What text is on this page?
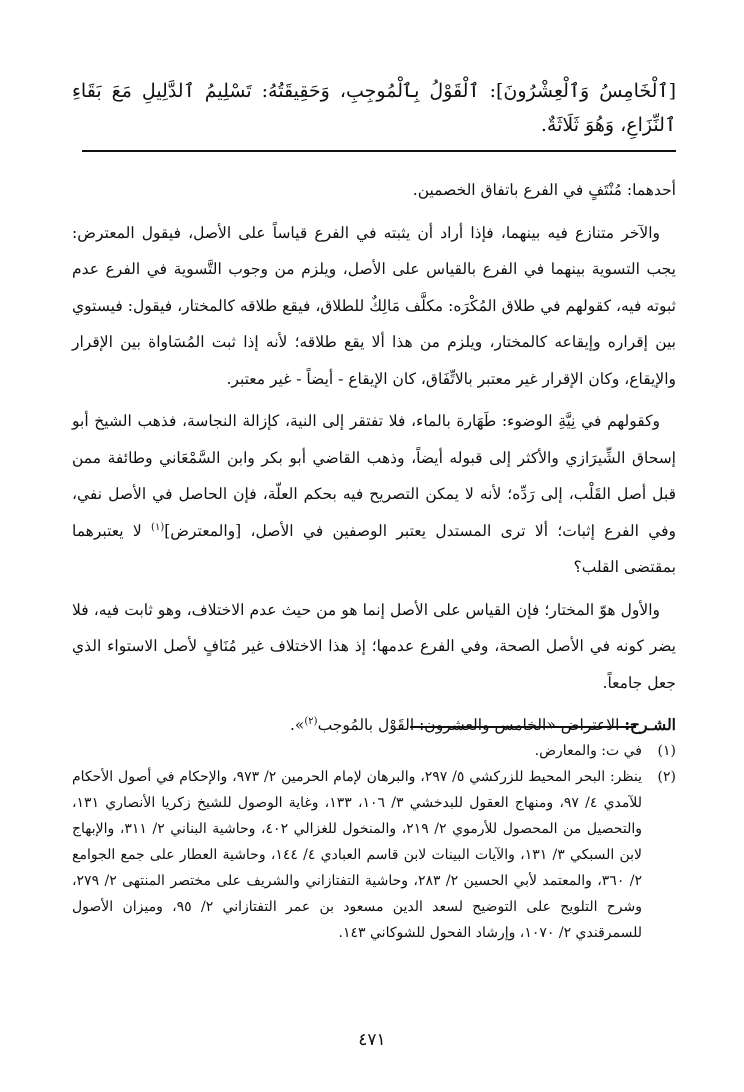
[ٱلْخَامِسُ وَٱلْعِشْرُونَ]: ٱلْقَوْلُ بِٱلْمُوجِبِ، وَحَقِيقَتُهُ: تَسْلِيمُ ٱلدَّلِيلِ مَعَ بَقَاءِ ٱلنِّزَاعِ، وَهُوَ ثَلَاثَةٌ.

أحدهما: مُنْتَفٍ في الفرع باتفاق الخصمين.

والآخر متنازع فيه بينهما، فإذا أراد أن يثبته في الفرع قياساً على الأصل، فيقول المعترض: يجب التسوية بينهما في الفرع بالقياس على الأصل، ويلزم من وجوب التَّسوية في الفرع عدم ثبوته فيه، كقولهم في طلاق المُكْرَه: مكلَّف مَالِكٌ للطلاق، فيقع طلاقه كالمختار، فيقول: فيستوي بين إقراره وإيقاعه كالمختار، ويلزم من هذا ألا يقع طلاقه؛ لأنه إذا ثبت المُسَاواة بين الإقرار والإيقاع، وكان الإقرار غير معتبر بالاتِّفَاق، كان الإيقاع - أيضاً - غير معتبر.

وكقولهم في نِيَّةِ الوضوء: طَهَارة بالماء، فلا تفتقر إلى النية، كإزالة النجاسة، فذهب الشيخ أبو إسحاق الشِّيرَازي والأكثر إلى قبوله أيضاً، وذهب القاضي أبو بكر وابن السَّمْعَاني وطائفة ممن قبل أصل القَلْب، إلى رَدِّه؛ لأنه لا يمكن التصريح فيه بحكم العلّة، فإن الحاصل في الأصل نفي، وفي الفرع إثبات؛ ألا ترى المستدل يعتبر الوصفين في الأصل، [والمعترض]$^{(١)}$ لا يعتبرهما بمقتضى القلب؟

والأول هوّ المختار؛ فإن القياس على الأصل إنما هو من حيث عدم الاختلاف، وهو ثابت فيه، فلا يضر كونه في الأصل الصحة، وفي الفرع عدمها؛ إذ هذا الاختلاف غير مُنَافٍ لأصل الاستواء الذي جعل جامعاً.

الشـرح: الاعتراض «الخامس والعشرون: القَوْل بالمُوجب$^{(٢)}$».

(١)
في ت: والمعارض.
(٢)
ينظر: البحر المحيط للزركشي ٥/ ٢٩٧، والبرهان لإمام الحرمين ٢/ ٩٧٣، والإحكام في أصول الأحكام للآمدي ٤/ ٩٧، ومنهاج العقول للبدخشي ٣/ ١٠٦، ١٣٣، وغاية الوصول للشيخ زكريا الأنصاري ١٣١، والتحصيل من المحصول للأرموي ٢/ ٢١٩، والمنخول للغزالي ٤٠٢، وحاشية البناني ٢/ ٣١١، والإبهاج لابن السبكي ٣/ ١٣١، والآيات البينات لابن قاسم العبادي ٤/ ١٤٤، وحاشية العطار على جمع الجوامع ٢/ ٣٦٠، والمعتمد لأبي الحسين ٢/ ٢٨٣، وحاشية التفتازاني والشريف على مختصر المنتهى ٢/ ٢٧٩، وشرح التلويح على التوضيح لسعد الدين مسعود بن عمر التفتازاني ٢/ ٩٥، وميزان الأصول للسمرقندي ٢/ ١٠٧٠، وإرشاد الفحول للشوكاني ١٤٣.
٤٧١
